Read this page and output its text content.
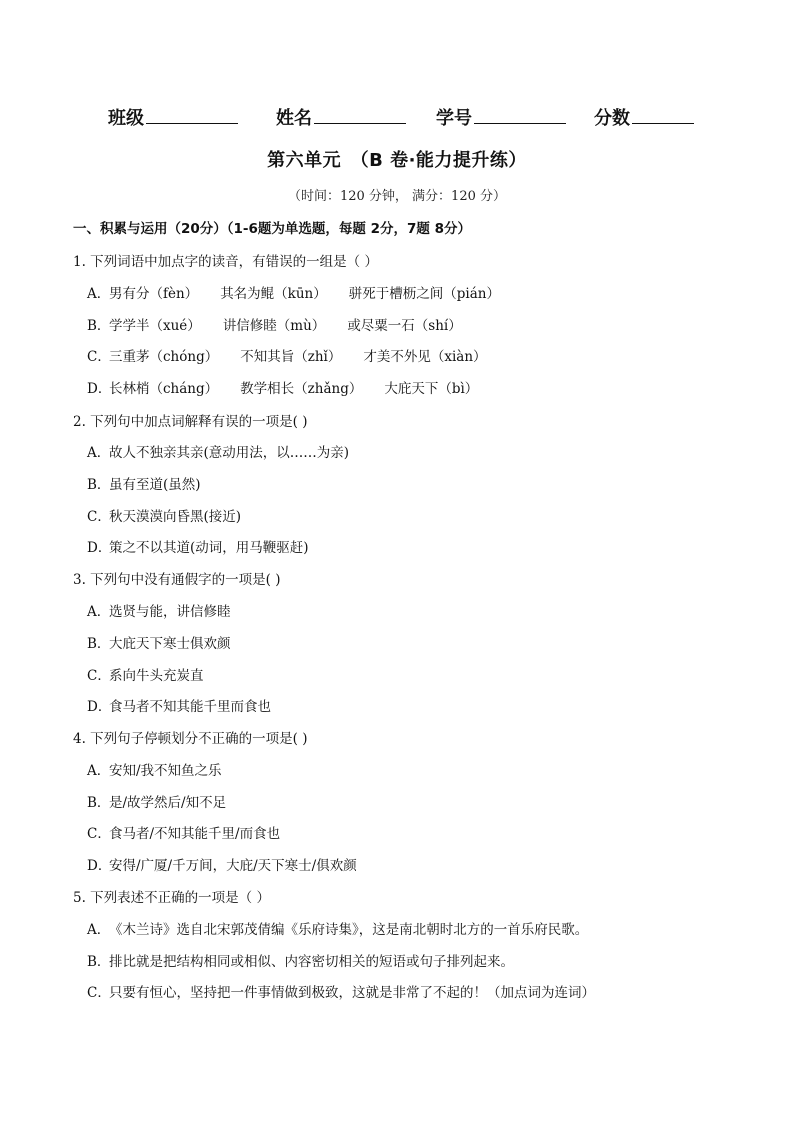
班级	姓名	学号	分数
第六单元　（B 卷·能力提升练）
（时间：120 分钟， 满分：120 分）
一、积累与运用（20分）（1-6题为单选题，每题 2分，7题 8分）
1. 下列词语中加点字的读音，有错误的一组是（ ）
A．男有分（fèn） 其名为鲲（kūn） 骈死于槽枥之间（pián）
B．学学半（xué） 讲信修睦（mù） 或尽粟一石（shí）
C．三重茅（chóng） 不知其旨（zhǐ） 才美不外见（xiàn）
D．长林梢（cháng） 教学相长（zhǎng） 大庇天下（bì）
2. 下列句中加点词解释有误的一项是( )
A．故人不独亲其亲(意动用法，以……为亲)
B．虽有至道(虽然)
C．秋天漠漠向昏黑(接近)
D．策之不以其道(动词，用马鞭驱赶)
3. 下列句中没有通假字的一项是( )
A．选贤与能，讲信修睦
B．大庇天下寒士俱欢颜
C．系向牛头充炭直
D．食马者不知其能千里而食也
4. 下列句子停顿划分不正确的一项是( )
A．安知/我不知鱼之乐
B．是/故学然后/知不足
C．食马者/不知其能千里/而食也
D．安得/广厦/千万间，大庇/天下寒士/俱欢颜
5. 下列表述不正确的一项是（ ）
A．《木兰诗》选自北宋郭茂倩编《乐府诗集》，这是南北朝时北方的一首乐府民歌。
B．排比就是把结构相同或相似、内容密切相关的短语或句子排列起来。
C．只要有恒心，坚持把一件事情做到极致，这就是非常了不起的！（加点词为连词）
